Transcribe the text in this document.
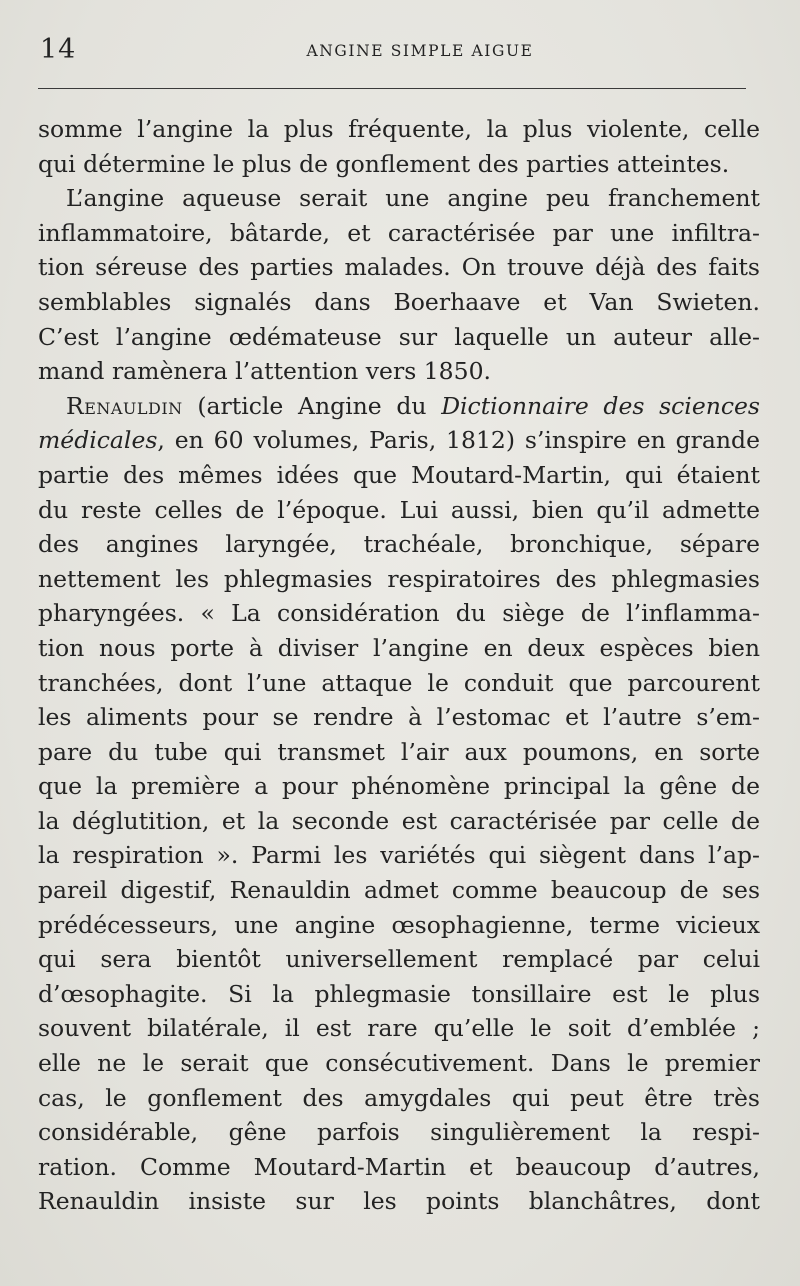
14	ANGINE SIMPLE AIGUE
somme l’angine la plus fréquente, la plus violente, celle
qui détermine le plus de gonflement des parties atteintes.
L’angine aqueuse serait une angine peu franchement
inflammatoire, bâtarde, et caractérisée par une infiltra-
tion séreuse des parties malades. On trouve déjà des faits
semblables signalés dans Boerhaave et Van Swieten.
C’est l’angine œdémateuse sur laquelle un auteur alle-
mand ramènera l’attention vers 1850.
Renauldin (article Angine du Dictionnaire des sciences
médicales, en 60 volumes, Paris, 1812) s’inspire en grande
partie des mêmes idées que Moutard-Martin, qui étaient
du reste celles de l’époque. Lui aussi, bien qu’il admette
des angines laryngée, trachéale, bronchique, sépare
nettement les phlegmasies respiratoires des phlegmasies
pharyngées. « La considération du siège de l’inflamma-
tion nous porte à diviser l’angine en deux espèces bien
tranchées, dont l’une attaque le conduit que parcourent
les aliments pour se rendre à l’estomac et l’autre s’em-
pare du tube qui transmet l’air aux poumons, en sorte
que la première a pour phénomène principal la gêne de
la déglutition, et la seconde est caractérisée par celle de
la respiration ». Parmi les variétés qui siègent dans l’ap-
pareil digestif, Renauldin admet comme beaucoup de ses
prédécesseurs, une angine œsophagienne, terme vicieux
qui sera bientôt universellement remplacé par celui
d’œsophagite. Si la phlegmasie tonsillaire est le plus
souvent bilatérale, il est rare qu’elle le soit d’emblée ;
elle ne le serait que consécutivement. Dans le premier
cas, le gonflement des amygdales qui peut être très
considérable, gêne parfois singulièrement la respi-
ration. Comme Moutard-Martin et beaucoup d’autres,
Renauldin insiste sur les points blanchâtres, dont
